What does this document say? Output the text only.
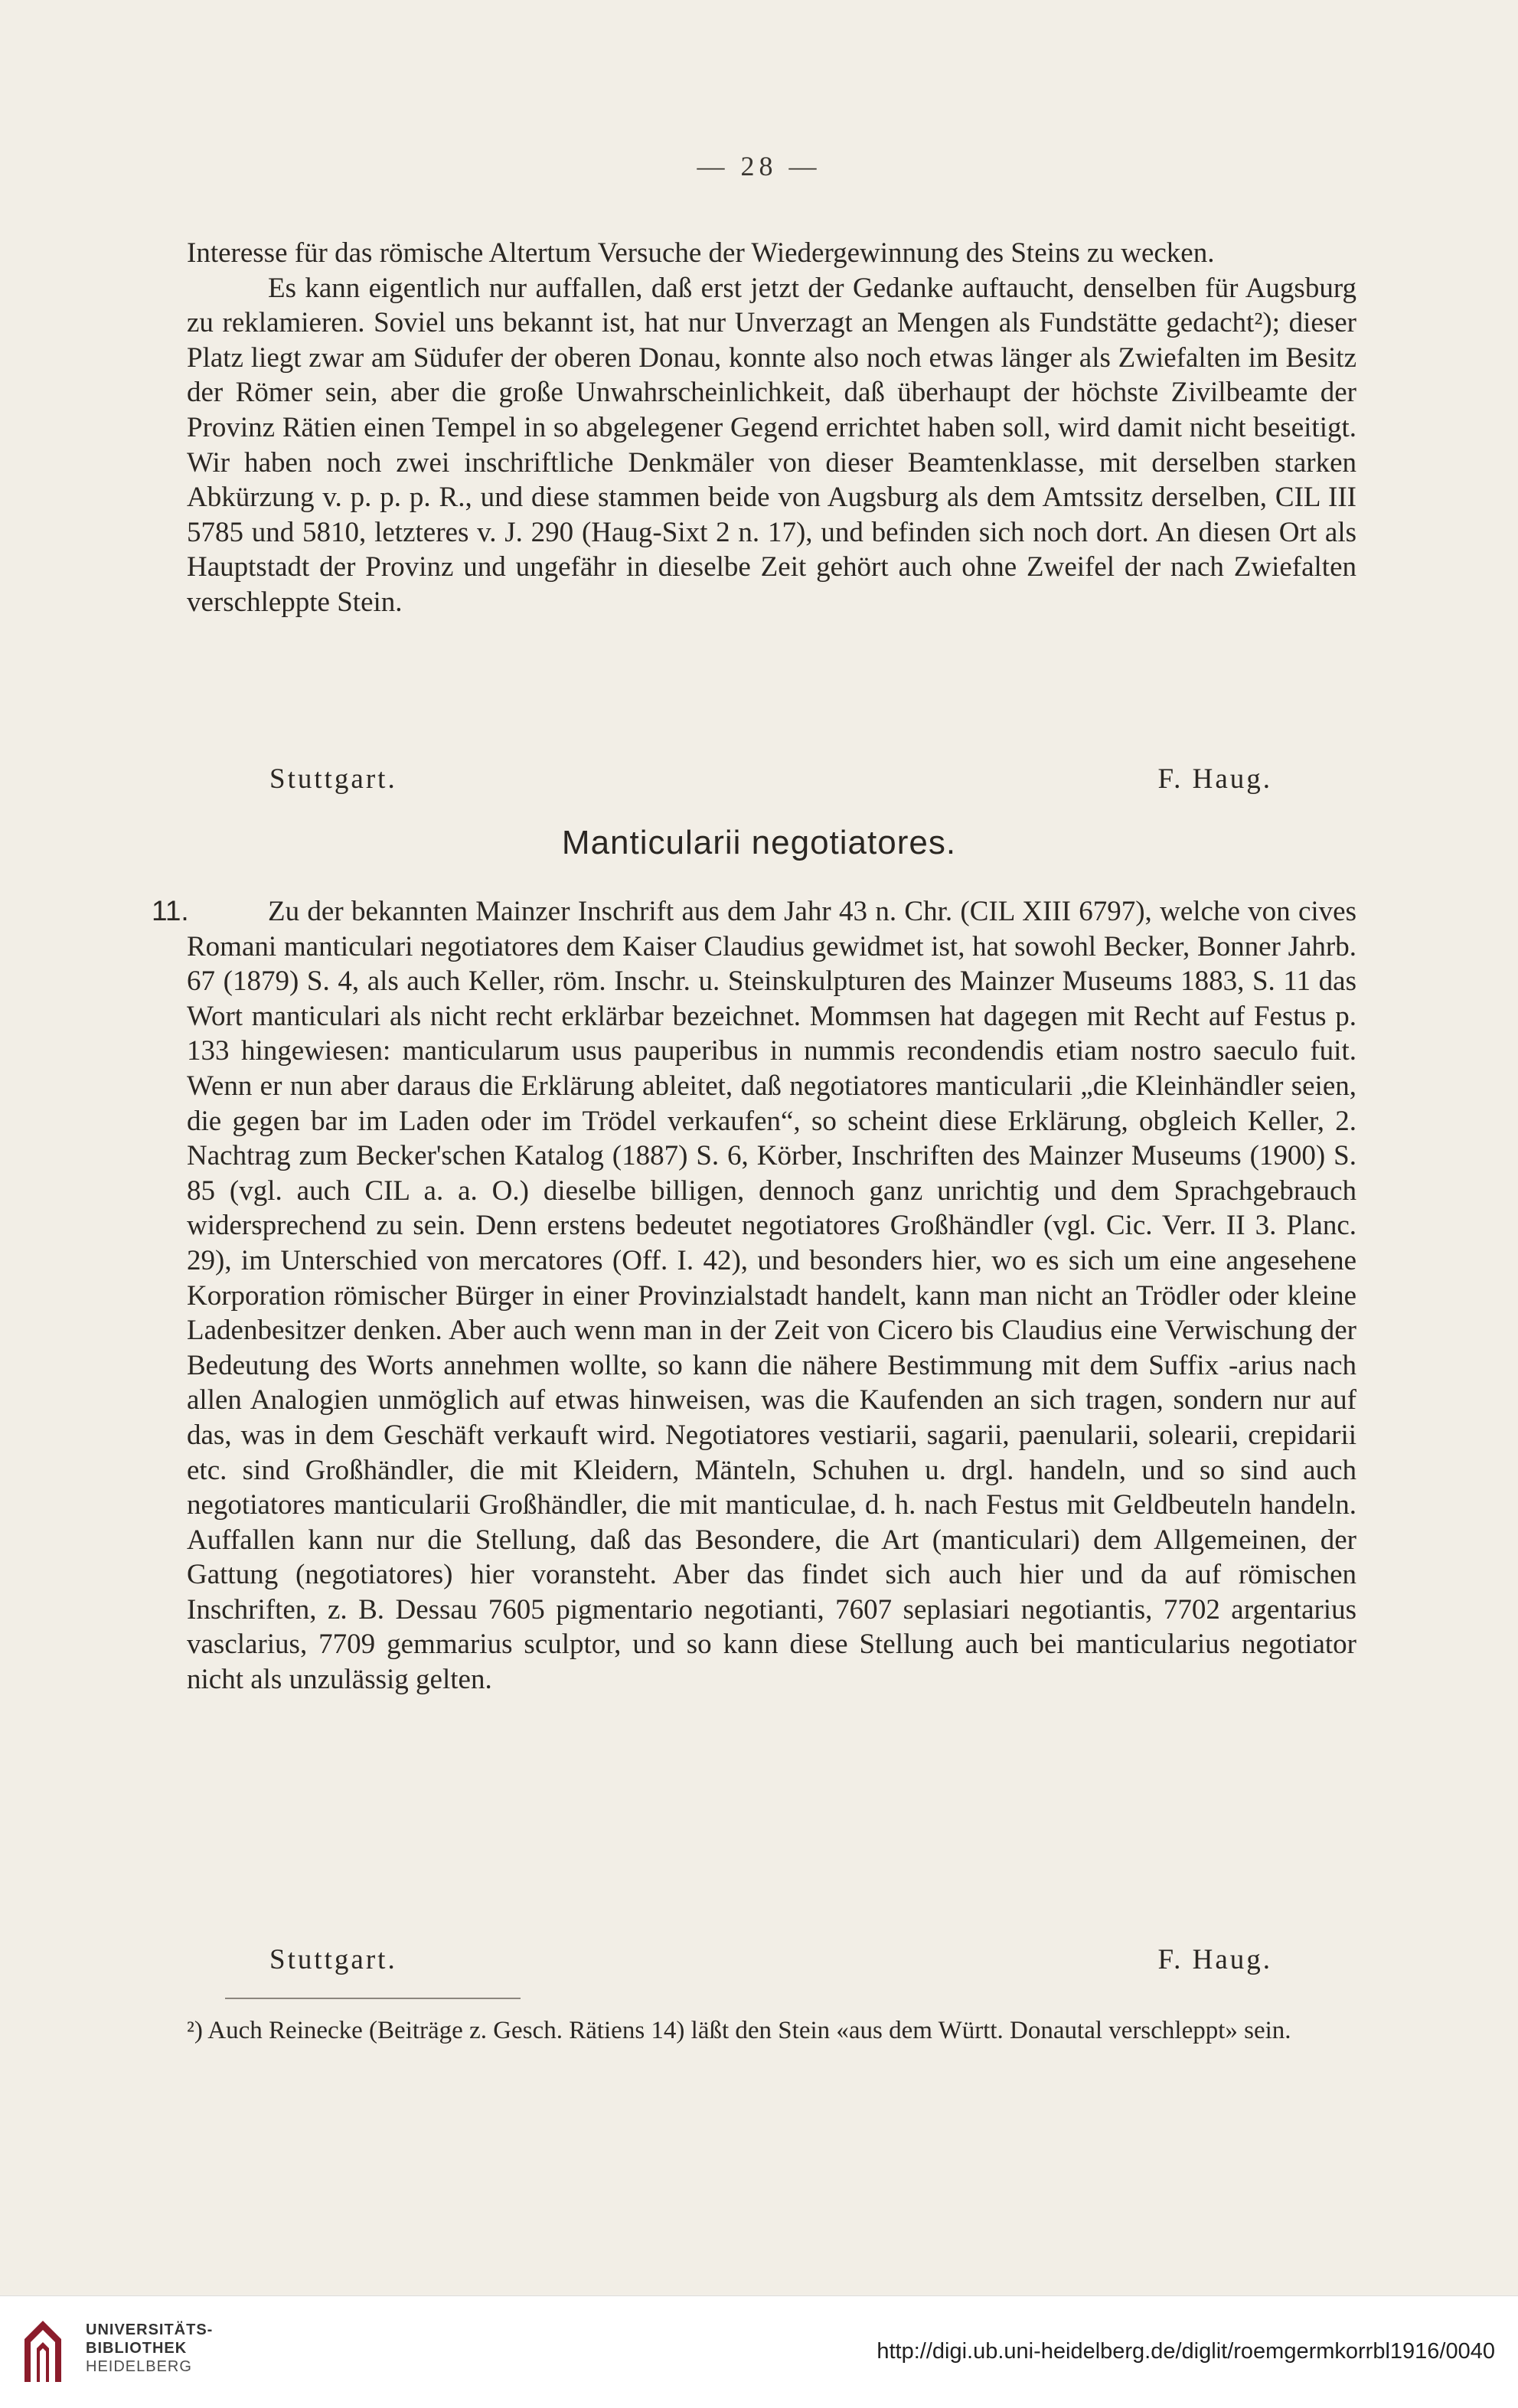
— 28 —

Interesse für das römische Altertum Versuche der Wiedergewinnung des Steins zu wecken.

Es kann eigentlich nur auffallen, daß erst jetzt der Gedanke auftaucht, denselben für Augsburg zu reklamieren. Soviel uns bekannt ist, hat nur Unverzagt an Mengen als Fundstätte gedacht²); dieser Platz liegt zwar am Südufer der oberen Donau, konnte also noch etwas länger als Zwiefalten im Besitz der Römer sein, aber die große Unwahrscheinlichkeit, daß überhaupt der höchste Zivilbeamte der Provinz Rätien einen Tempel in so abgelegener Gegend errichtet haben soll, wird damit nicht beseitigt. Wir haben noch zwei inschriftliche Denkmäler von dieser Beamtenklasse, mit derselben starken Abkürzung v. p. p. p. R., und diese stammen beide von Augsburg als dem Amtssitz derselben, CIL III 5785 und 5810, letzteres v. J. 290 (Haug-Sixt 2 n. 17), und befinden sich noch dort. An diesen Ort als Hauptstadt der Provinz und ungefähr in dieselbe Zeit gehört auch ohne Zweifel der nach Zwiefalten verschleppte Stein.

Stuttgart.	F. Haug.
Manticularii negotiatores.
11.	Zu der bekannten Mainzer Inschrift aus dem Jahr 43 n. Chr. (CIL XIII 6797), welche von cives Romani manticulari negotiatores dem Kaiser Claudius gewidmet ist, hat sowohl Becker, Bonner Jahrb. 67 (1879) S. 4, als auch Keller, röm. Inschr. u. Steinskulpturen des Mainzer Museums 1883, S. 11 das Wort manticulari als nicht recht erklärbar bezeichnet. Mommsen hat dagegen mit Recht auf Festus p. 133 hingewiesen: manticularum usus pauperibus in nummis recondendis etiam nostro saeculo fuit. Wenn er nun aber daraus die Erklärung ableitet, daß negotiatores manticularii „die Kleinhändler seien, die gegen bar im Laden oder im Trödel verkaufen“, so scheint diese Erklärung, obgleich Keller, 2. Nachtrag zum Becker'schen Katalog (1887) S. 6, Körber, Inschriften des Mainzer Museums (1900) S. 85 (vgl. auch CIL a. a. O.) dieselbe billigen, dennoch ganz unrichtig und dem Sprachgebrauch widersprechend zu sein. Denn erstens bedeutet negotiatores Großhändler (vgl. Cic. Verr. II 3. Planc. 29), im Unterschied von mercatores (Off. I. 42), und besonders hier, wo es sich um eine angesehene Korporation römischer Bürger in einer Provinzialstadt handelt, kann man nicht an Trödler oder kleine Ladenbesitzer denken. Aber auch wenn man in der Zeit von Cicero bis Claudius eine Verwischung der Bedeutung des Worts annehmen wollte, so kann die nähere Bestimmung mit dem Suffix -arius nach allen Analogien unmöglich auf etwas hinweisen, was die Kaufenden an sich tragen, sondern nur auf das, was in dem Geschäft verkauft wird. Negotiatores vestiarii, sagarii, paenularii, solearii, crepidarii etc. sind Großhändler, die mit Kleidern, Mänteln, Schuhen u. drgl. handeln, und so sind auch negotiatores manticularii Großhändler, die mit manticulae, d. h. nach Festus mit Geldbeuteln handeln. Auffallen kann nur die Stellung, daß das Besondere, die Art (manticulari) dem Allgemeinen, der Gattung (negotiatores) hier voransteht. Aber das findet sich auch hier und da auf römischen Inschriften, z. B. Dessau 7605 pigmentario negotianti, 7607 seplasiari negotiantis, 7702 argentarius vasclarius, 7709 gemmarius sculptor, und so kann diese Stellung auch bei manticularius negotiator nicht als unzulässig gelten.

Stuttgart.	F. Haug.
²) Auch Reinecke (Beiträge z. Gesch. Rätiens 14) läßt den Stein «aus dem Württ. Donautal verschleppt» sein.
UNIVERSITÄTS-
BIBLIOTHEK
HEIDELBERG
http://digi.ub.uni-heidelberg.de/diglit/roemgermkorrbl1916/0040
